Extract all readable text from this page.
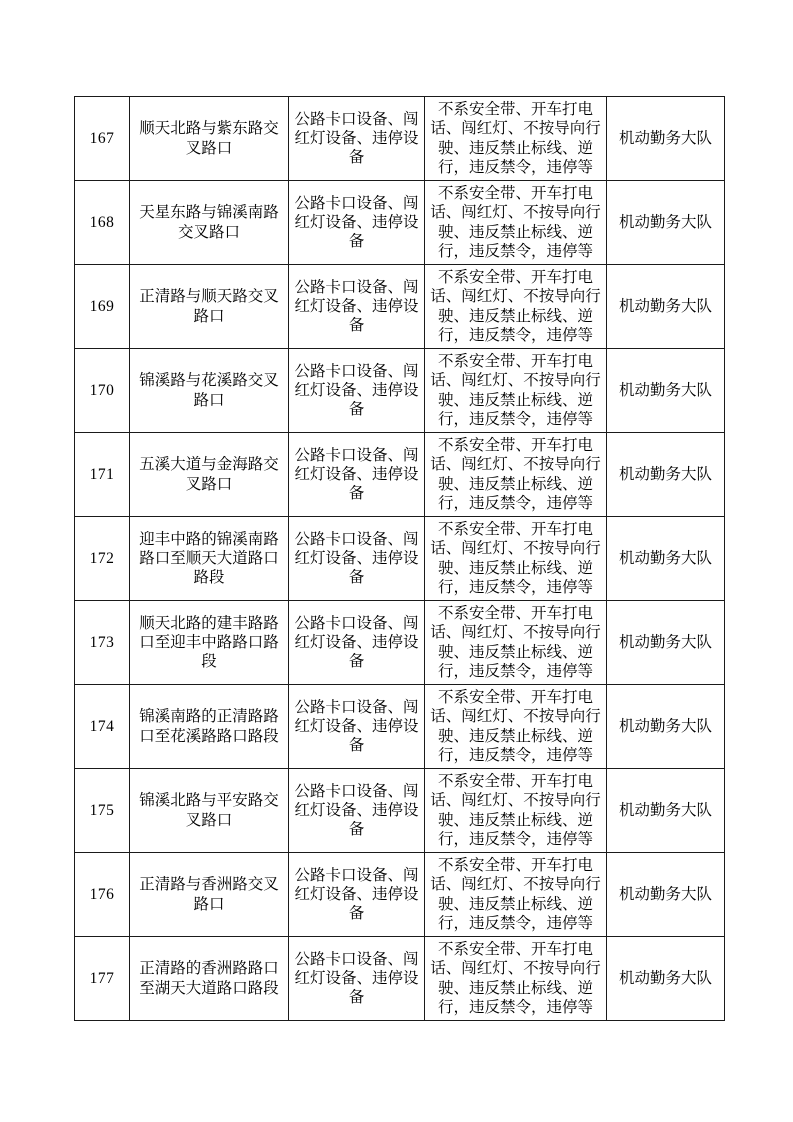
167	顺天北路与紫东路交叉路口	公路卡口设备、闯红灯设备、违停设备	不系安全带、开车打电话、闯红灯、不按导向行驶、违反禁止标线、逆行，违反禁令，违停等	机动勤务大队
168	天星东路与锦溪南路交叉路口	公路卡口设备、闯红灯设备、违停设备	不系安全带、开车打电话、闯红灯、不按导向行驶、违反禁止标线、逆行，违反禁令，违停等	机动勤务大队
169	正清路与顺天路交叉路口	公路卡口设备、闯红灯设备、违停设备	不系安全带、开车打电话、闯红灯、不按导向行驶、违反禁止标线、逆行，违反禁令，违停等	机动勤务大队
170	锦溪路与花溪路交叉路口	公路卡口设备、闯红灯设备、违停设备	不系安全带、开车打电话、闯红灯、不按导向行驶、违反禁止标线、逆行，违反禁令，违停等	机动勤务大队
171	五溪大道与金海路交叉路口	公路卡口设备、闯红灯设备、违停设备	不系安全带、开车打电话、闯红灯、不按导向行驶、违反禁止标线、逆行，违反禁令，违停等	机动勤务大队
172	迎丰中路的锦溪南路路口至顺天大道路口路段	公路卡口设备、闯红灯设备、违停设备	不系安全带、开车打电话、闯红灯、不按导向行驶、违反禁止标线、逆行，违反禁令，违停等	机动勤务大队
173	顺天北路的建丰路路口至迎丰中路路口路段	公路卡口设备、闯红灯设备、违停设备	不系安全带、开车打电话、闯红灯、不按导向行驶、违反禁止标线、逆行，违反禁令，违停等	机动勤务大队
174	锦溪南路的正清路路口至花溪路路口路段	公路卡口设备、闯红灯设备、违停设备	不系安全带、开车打电话、闯红灯、不按导向行驶、违反禁止标线、逆行，违反禁令，违停等	机动勤务大队
175	锦溪北路与平安路交叉路口	公路卡口设备、闯红灯设备、违停设备	不系安全带、开车打电话、闯红灯、不按导向行驶、违反禁止标线、逆行，违反禁令，违停等	机动勤务大队
176	正清路与香洲路交叉路口	公路卡口设备、闯红灯设备、违停设备	不系安全带、开车打电话、闯红灯、不按导向行驶、违反禁止标线、逆行，违反禁令，违停等	机动勤务大队
177	正清路的香洲路路口至湖天大道路口路段	公路卡口设备、闯红灯设备、违停设备	不系安全带、开车打电话、闯红灯、不按导向行驶、违反禁止标线、逆行，违反禁令，违停等	机动勤务大队
